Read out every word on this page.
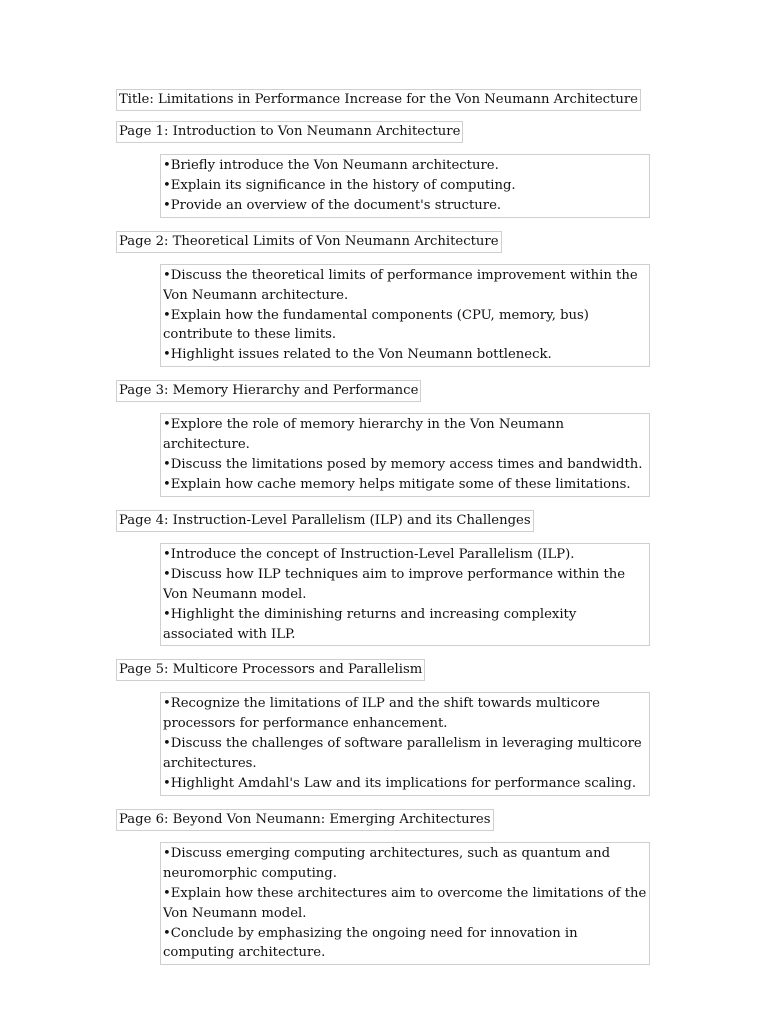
Title: Limitations in Performance Increase for the Von Neumann Architecture
Page 1: Introduction to Von Neumann Architecture
•Briefly introduce the Von Neumann architecture.
•Explain its significance in the history of computing.
•Provide an overview of the document's structure.
Page 2: Theoretical Limits of Von Neumann Architecture
•Discuss the theoretical limits of performance improvement within the Von Neumann architecture.
•Explain how the fundamental components (CPU, memory, bus) contribute to these limits.
•Highlight issues related to the Von Neumann bottleneck.
Page 3: Memory Hierarchy and Performance
•Explore the role of memory hierarchy in the Von Neumann architecture.
•Discuss the limitations posed by memory access times and bandwidth.
•Explain how cache memory helps mitigate some of these limitations.
Page 4: Instruction-Level Parallelism (ILP) and its Challenges
•Introduce the concept of Instruction-Level Parallelism (ILP).
•Discuss how ILP techniques aim to improve performance within the Von Neumann model.
•Highlight the diminishing returns and increasing complexity associated with ILP.
Page 5: Multicore Processors and Parallelism
•Recognize the limitations of ILP and the shift towards multicore processors for performance enhancement.
•Discuss the challenges of software parallelism in leveraging multicore architectures.
•Highlight Amdahl's Law and its implications for performance scaling.
Page 6: Beyond Von Neumann: Emerging Architectures
•Discuss emerging computing architectures, such as quantum and neuromorphic computing.
•Explain how these architectures aim to overcome the limitations of the Von Neumann model.
•Conclude by emphasizing the ongoing need for innovation in computing architecture.
